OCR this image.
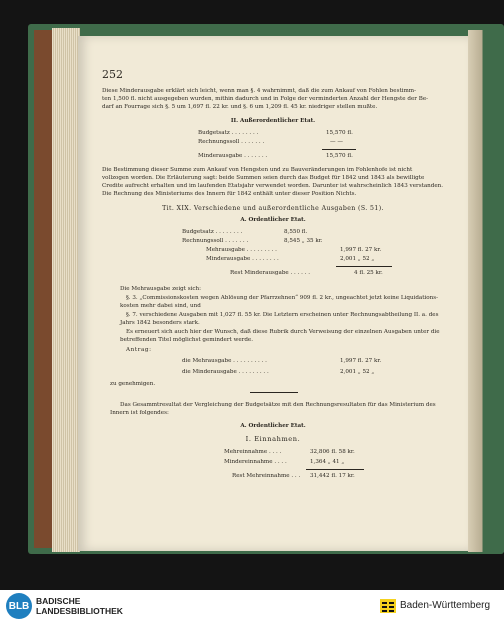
252
Diese Minderausgabe erklärt sich leicht, wenn man §. 4 wahrnimmt, daß die zum Ankauf von Fohlen bestimm-
ten 1,500 fl. nicht ausgegeben wurden, mithin dadurch und in Folge der verminderten Anzahl der Hengste der Be-
darf an Fourrage sich §. 5 um 1,697 fl. 22 kr. und §. 6 um 1,209 fl. 45 kr. niedriger stellen mußte.
II. Außerordentlicher Etat.
Budgetsatz . . . . . . . .	15,570 fl.
Rechnungssoll . . . . . . .	— —
Minderausgabe . . . . . . .	15,570 fl.
Die Bestimmung dieser Summe zum Ankauf von Hengsten und zu Bauveränderungen im Fohlenhofe ist nicht
vollzogen worden. Die Erläuterung sagt: beide Summen seien durch das Budget für 1842 und 1843 als bewilligte
Credite aufrecht erhalten und im laufenden Etatsjahr verwendet worden. Darunter ist wahrscheinlich 1843 verstanden.
Die Rechnung des Ministeriums des Innern für 1842 enthält unter dieser Position Nichts.
Tit. XIX. Verschiedene und außerordentliche Ausgaben (S. 51).
A. Ordentlicher Etat.
Budgetsatz . . . . . . . .	8,550 fl.
Rechnungssoll . . . . . . .	8,545 „ 35 kr.
Mehrausgabe . . . . . . . . .	1,997 fl. 27 kr.
Minderausgabe . . . . . . . .	2,001 „ 52 „
Rest Minderausgabe . . . . . .	4 fl. 25 kr.
Die Mehrausgabe zeigt sich:
§. 3. „Commissionskosten wegen Ablösung der Pfarrzehnen“ 909 fl. 2 kr., ungeachtet jetzt keine Liquidations-
kosten mehr dabei sind, und
§. 7. verschiedene Ausgaben mit 1,027 fl. 55 kr. Die Letztern erscheinen unter Rechnungsabtheilung II. a. des
Jahrs 1842 besonders stark.
Es erneuert sich auch hier der Wunsch, daß diese Rubrik durch Verweisung der einzelnen Ausgaben unter die
betreffenden Titel möglichst gemindert werde.
Antrag:
die Mehrausgabe . . . . . . . . . .	1,997 fl. 27 kr.
die Minderausgabe . . . . . . . . .	2,001 „ 52 „
zu genehmigen.
Das Gesammtresultat der Vergleichung der Budgetsätze mit den Rechnungsresultaten für das Ministerium des
Innern ist folgendes:
A. Ordentlicher Etat.
I. Einnahmen.
Mehreinnahme . . . .	32,806 fl. 58 kr.
Mindereinnahme . . . .	1,364 „ 41 „
Rest Mehreinnahme . . . 31,442 fl. 17 kr.
BLB BADISCHE
LANDESBIBLIOTHEK	Baden-Württemberg
